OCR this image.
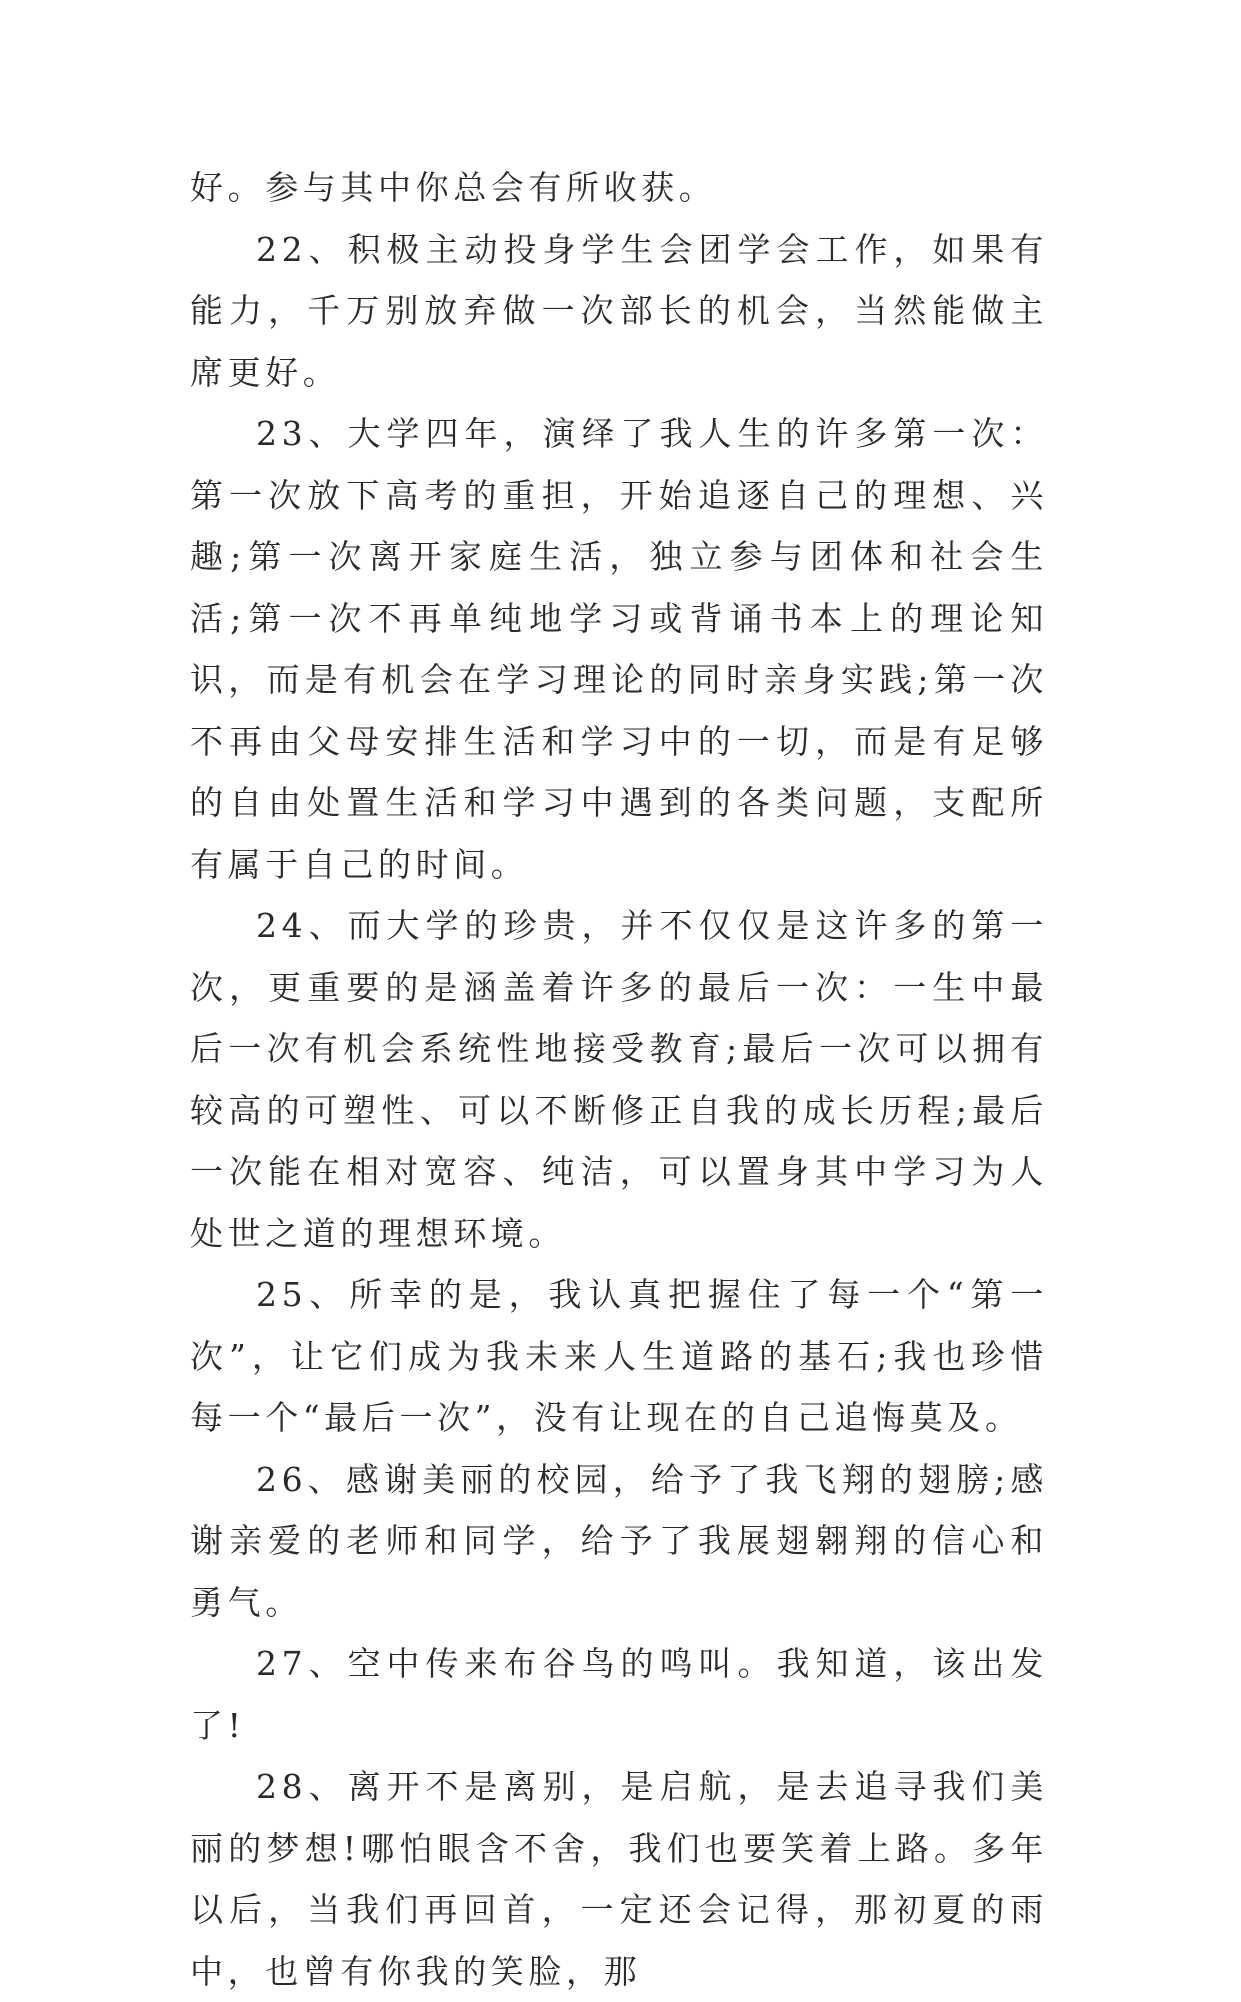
好。参与其中你总会有所收获。

22、积极主动投身学生会团学会工作，如果有能力，千万别放弃做一次部长的机会，当然能做主席更好。

23、大学四年，演绎了我人生的许多第一次：第一次放下高考的重担，开始追逐自己的理想、兴趣;第一次离开家庭生活，独立参与团体和社会生活;第一次不再单纯地学习或背诵书本上的理论知识，而是有机会在学习理论的同时亲身实践;第一次不再由父母安排生活和学习中的一切，而是有足够的自由处置生活和学习中遇到的各类问题，支配所有属于自己的时间。

24、而大学的珍贵，并不仅仅是这许多的第一次，更重要的是涵盖着许多的最后一次：一生中最后一次有机会系统性地接受教育;最后一次可以拥有较高的可塑性、可以不断修正自我的成长历程;最后一次能在相对宽容、纯洁，可以置身其中学习为人处世之道的理想环境。

25、所幸的是，我认真把握住了每一个“第一次”，让它们成为我未来人生道路的基石;我也珍惜每一个“最后一次”，没有让现在的自己追悔莫及。

26、感谢美丽的校园，给予了我飞翔的翅膀;感谢亲爱的老师和同学，给予了我展翅翱翔的信心和勇气。

27、空中传来布谷鸟的鸣叫。我知道，该出发了!

28、离开不是离别，是启航，是去追寻我们美丽的梦想!哪怕眼含不舍，我们也要笑着上路。多年以后，当我们再回首，一定还会记得，那初夏的雨中，也曾有你我的笑脸，那
